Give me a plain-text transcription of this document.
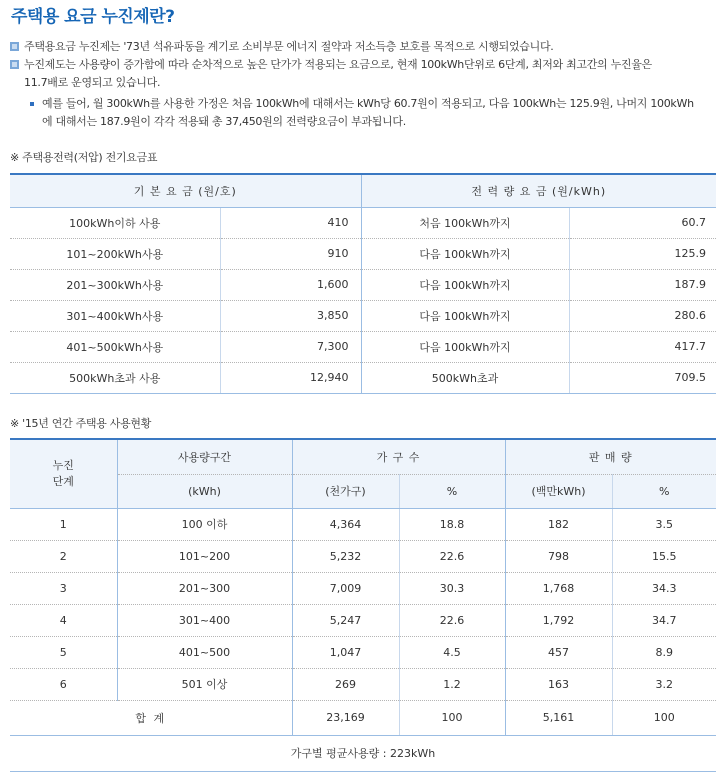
주택용 요금 누진제란?
주택용요금 누진제는 '73년 석유파동을 계기로 소비부문 에너지 절약과 저소득층 보호를 목적으로 시행되었습니다.
누진제도는 사용량이 증가함에 따라 순차적으로 높은 단가가 적용되는 요금으로, 현재 100kWh단위로 6단계, 최저와 최고간의 누진율은
11.7배로 운영되고 있습니다.
예를 들어, 월 300kWh를 사용한 가정은 처음 100kWh에 대해서는 kWh당 60.7원이 적용되고, 다음 100kWh는 125.9원, 나머지 100kWh
에 대해서는 187.9원이 각각 적용돼 총 37,450원의 전력량요금이 부과됩니다.
※ 주택용전력(저압) 전기요금표
기 본 요 금 (원/호)		전 력 량 요 금 (원/kWh)	
100kWh이하 사용	410	처음 100kWh까지	60.7
101~200kWh사용	910	다음 100kWh까지	125.9
201~300kWh사용	1,600	다음 100kWh까지	187.9
301~400kWh사용	3,850	다음 100kWh까지	280.6
401~500kWh사용	7,300	다음 100kWh까지	417.7
500kWh초과 사용	12,940	500kWh초과	709.5
※ '15년 연간 주택용 사용현황
누진
단계	사용량구간	가 구 수		판 매 량	
	(kWh)	(천가구)	%	(백만kWh)	%
1	100 이하	4,364	18.8	182	3.5
2	101~200	5,232	22.6	798	15.5
3	201~300	7,009	30.3	1,768	34.3
4	301~400	5,247	22.6	1,792	34.7
5	401~500	1,047	4.5	457	8.9
6	501 이상	269	1.2	163	3.2
합 계		23,169	100	5,161	100
가구별 평균사용량 : 223kWh					
